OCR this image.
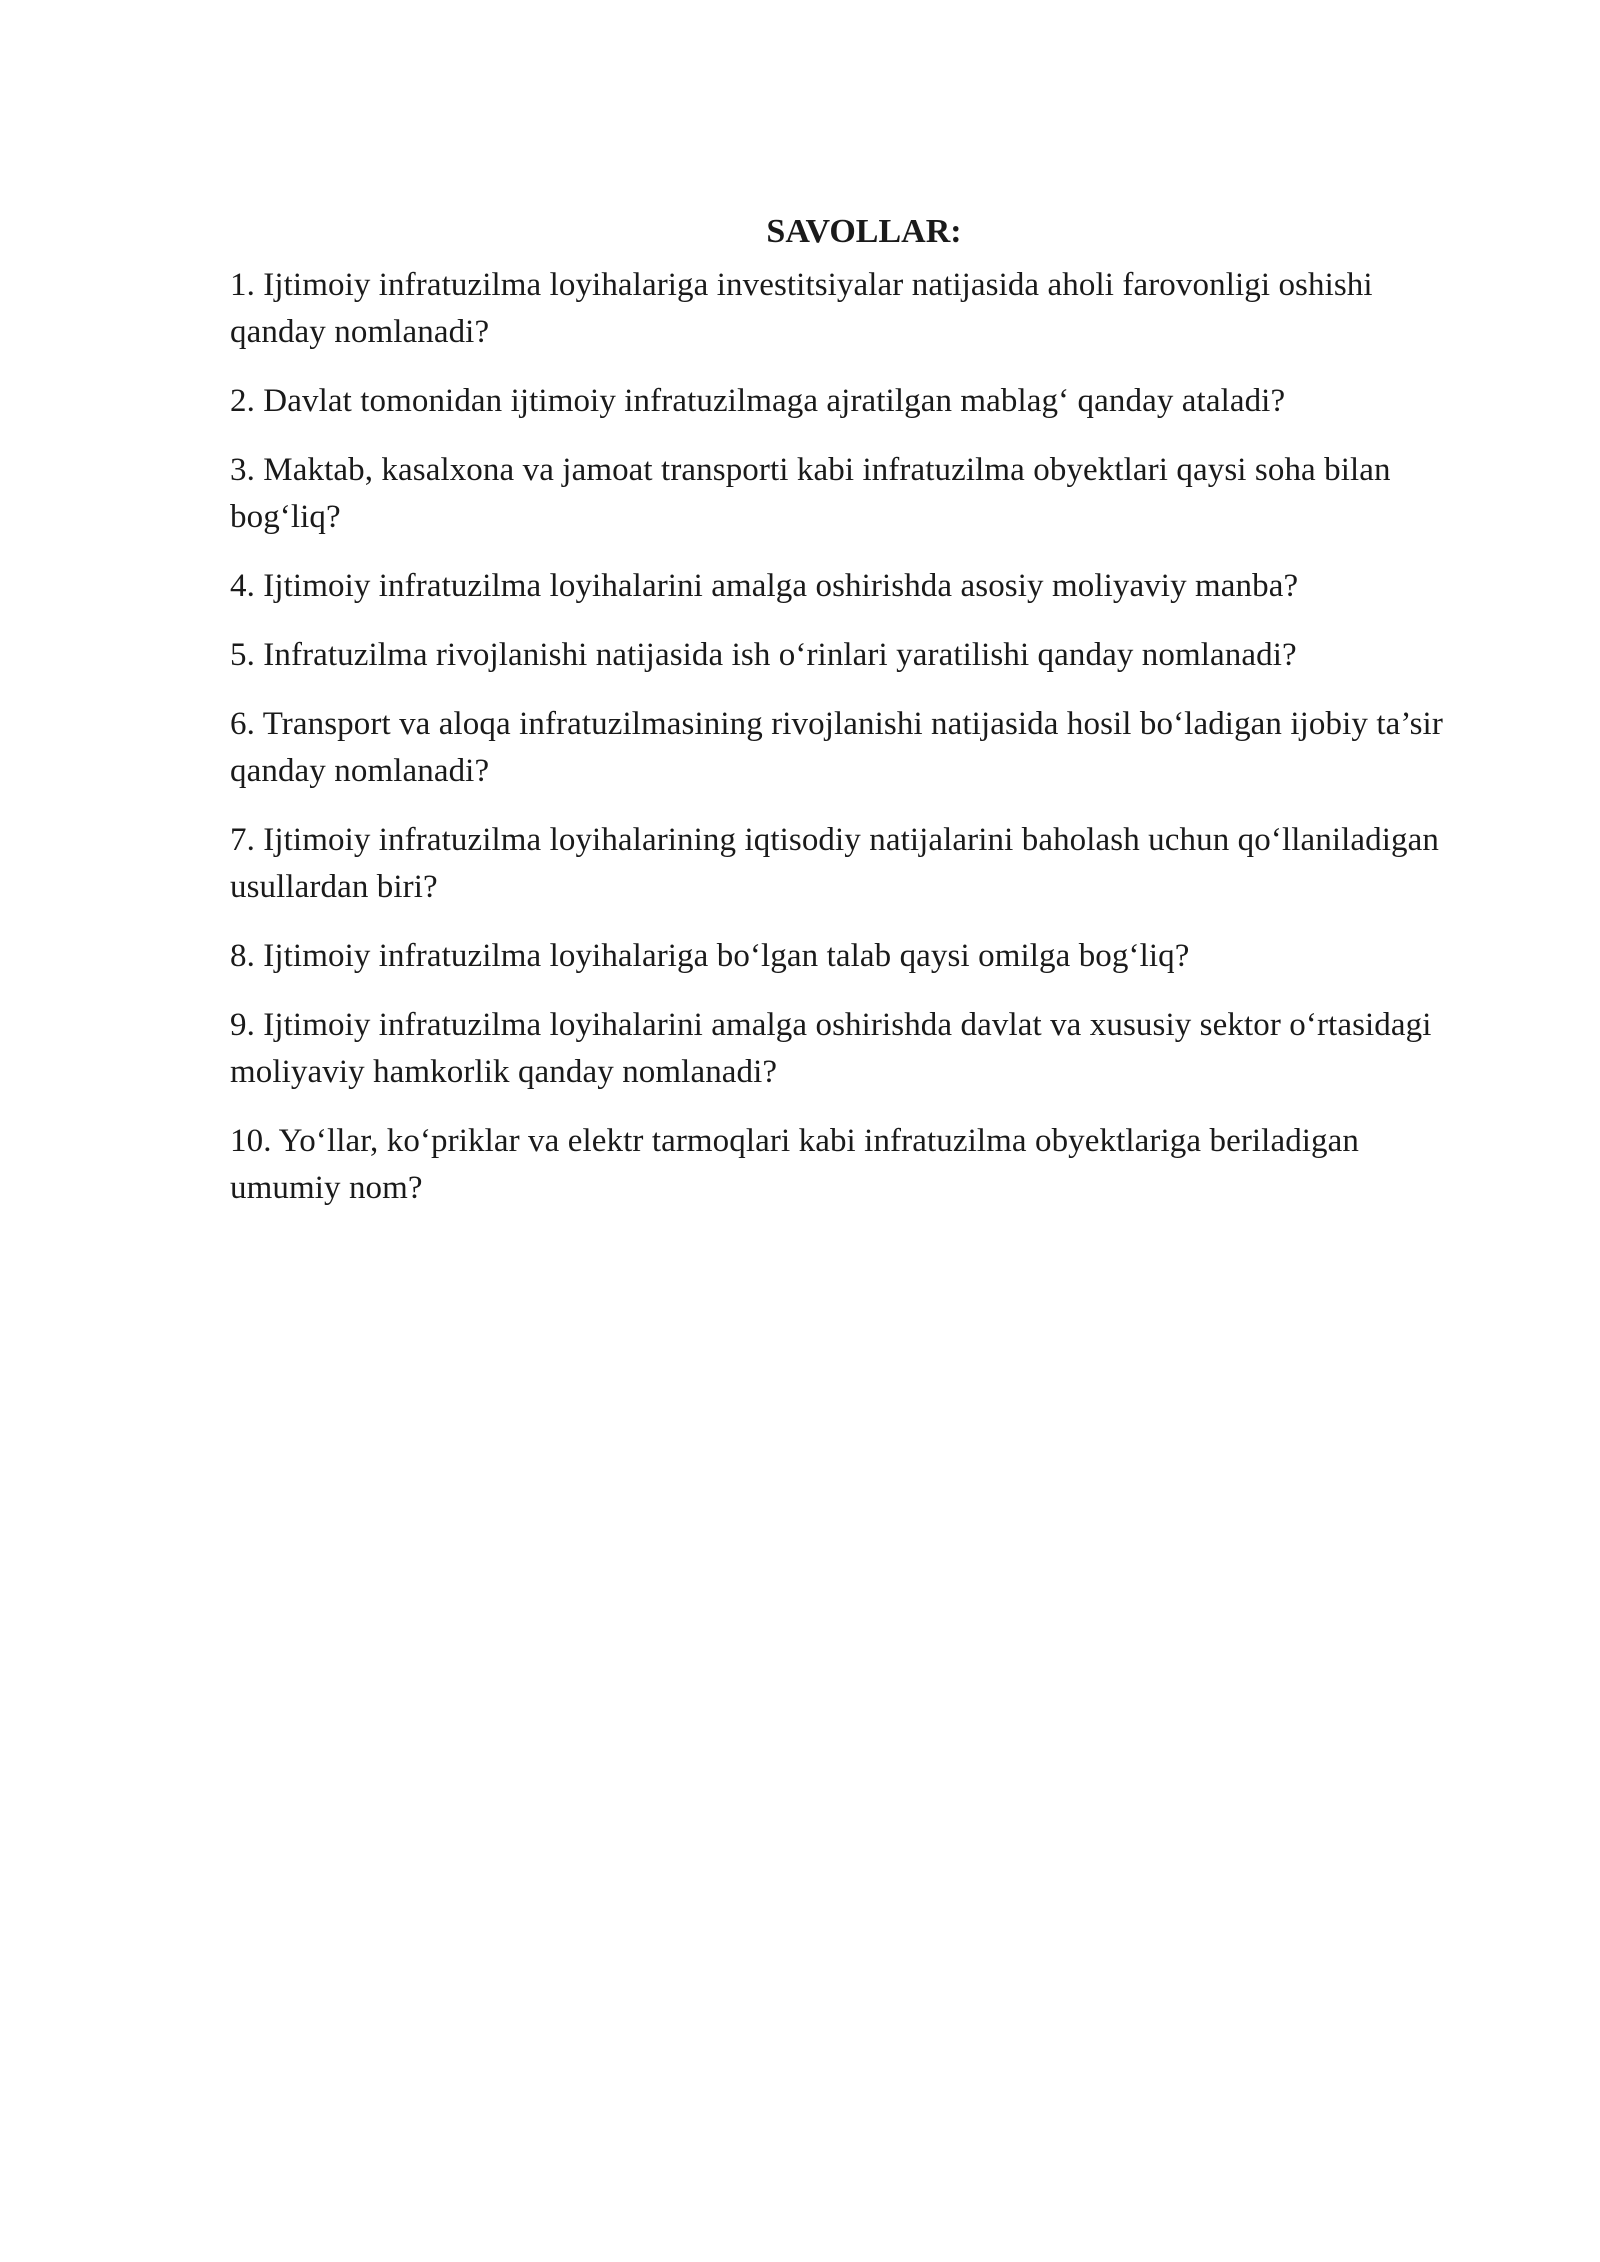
SAVOLLAR:
1. Ijtimoiy infratuzilma loyihalariga investitsiyalar natijasida aholi farovonligi oshishi qanday nomlanadi?
2. Davlat tomonidan ijtimoiy infratuzilmaga ajratilgan mablag‘ qanday ataladi?
3. Maktab, kasalxona va jamoat transporti kabi infratuzilma obyektlari qaysi soha bilan bog‘liq?
4. Ijtimoiy infratuzilma loyihalarini amalga oshirishda asosiy moliyaviy manba?
5. Infratuzilma rivojlanishi natijasida ish o‘rinlari yaratilishi qanday nomlanadi?
6. Transport va aloqa infratuzilmasining rivojlanishi natijasida hosil bo‘ladigan ijobiy ta’sir qanday nomlanadi?
7. Ijtimoiy infratuzilma loyihalarining iqtisodiy natijalarini baholash uchun qo‘llaniladigan usullardan biri?
8. Ijtimoiy infratuzilma loyihalariga bo‘lgan talab qaysi omilga bog‘liq?
9. Ijtimoiy infratuzilma loyihalarini amalga oshirishda davlat va xususiy sektor o‘rtasidagi moliyaviy hamkorlik qanday nomlanadi?
10. Yo‘llar, ko‘priklar va elektr tarmoqlari kabi infratuzilma obyektlariga beriladigan umumiy nom?
